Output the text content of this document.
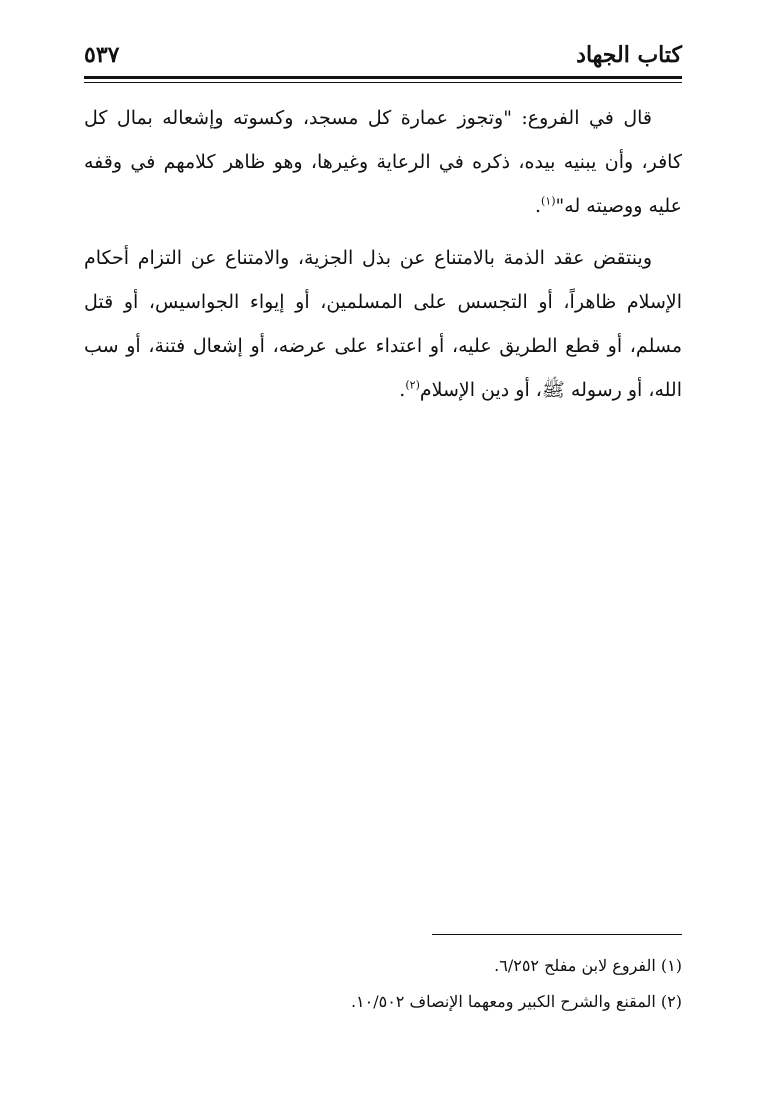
٥٣٧	كتاب الجهاد

قال في الفروع: "وتجوز عمارة كل مسجد، وكسوته وإشعاله بمال كل كافر، وأن يبنيه بيده، ذكره في الرعاية وغيرها، وهو ظاهر كلامهم في وقفه عليه ووصيته له"$^{(١)}$.

وينتقض عقد الذمة بالامتناع عن بذل الجزية، والامتناع عن التزام أحكام الإسلام ظاهراً، أو التجسس على المسلمين، أو إيواء الجواسيس، أو قتل مسلم، أو قطع الطريق عليه، أو اعتداء على عرضه، أو إشعال فتنة، أو سب الله، أو رسوله ﷺ، أو دين الإسلام$^{(٢)}$.

(١) الفروع لابن مفلح ٦/٢٥٢.

(٢) المقنع والشرح الكبير ومعهما الإنصاف ١٠/٥٠٢.
